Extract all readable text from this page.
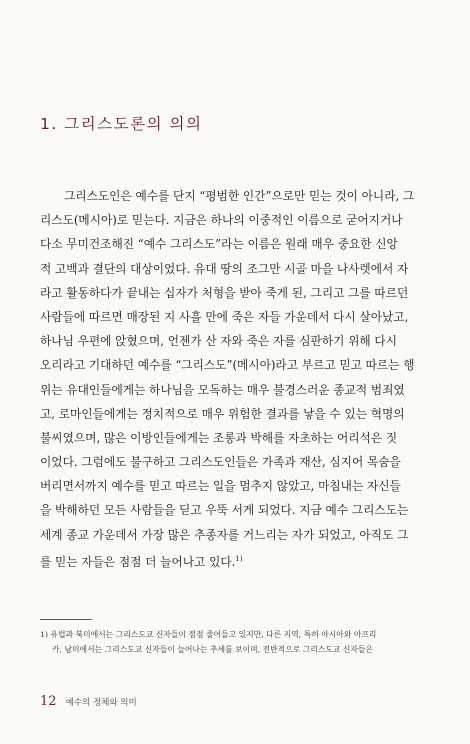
1. 그리스도론의 의의
그리스도인은 예수를 단지 “평범한 인간”으로만 믿는 것이 아니라, 그
리스도(메시아)로 믿는다. 지금은 하나의 이중적인 이름으로 굳어지거나
다소 무미건조해진 “예수 그리스도”라는 이름은 원래 매우 중요한 신앙
적 고백과 결단의 대상이었다. 유대 땅의 조그만 시골 마을 나사렛에서 자
라고 활동하다가 끝내는 십자가 처형을 받아 죽게 된, 그리고 그를 따르던
사람들에 따르면 매장된 지 사흘 만에 죽은 자들 가운데서 다시 살아났고,
하나님 우편에 앉혔으며, 언젠가 산 자와 죽은 자를 심판하기 위해 다시
오리라고 기대하던 예수를 “그리스도”(메시아)라고 부르고 믿고 따르는 행
위는 유대인들에게는 하나님을 모독하는 매우 불경스러운 종교적 범죄였
고, 로마인들에게는 정치적으로 매우 위험한 결과를 낳을 수 있는 혁명의
불씨였으며, 많은 이방인들에게는 조롱과 박해를 자초하는 어리석은 짓
이었다. 그럼에도 불구하고 그리스도인들은 가족과 재산, 심지어 목숨을
버리면서까지 예수를 믿고 따르는 일을 멈추지 않았고, 마침내는 자신들
을 박해하던 모든 사람들을 딛고 우뚝 서게 되었다. 지금 예수 그리스도는
세계 종교 가운데서 가장 많은 추종자를 거느리는 자가 되었고, 아직도 그
를 믿는 자들은 점점 더 늘어나고 있다.$^{1)}$
1) 유럽과 북미에서는 그리스도교 신자들이 점점 줄어들고 있지만, 다른 지역, 특히 아시아와 아프리
카, 남미에서는 그리스도교 신자들이 늘어나는 추세를 보이며, 전반적으로 그리스도교 신자들은
12 예수의 정체와 의미
